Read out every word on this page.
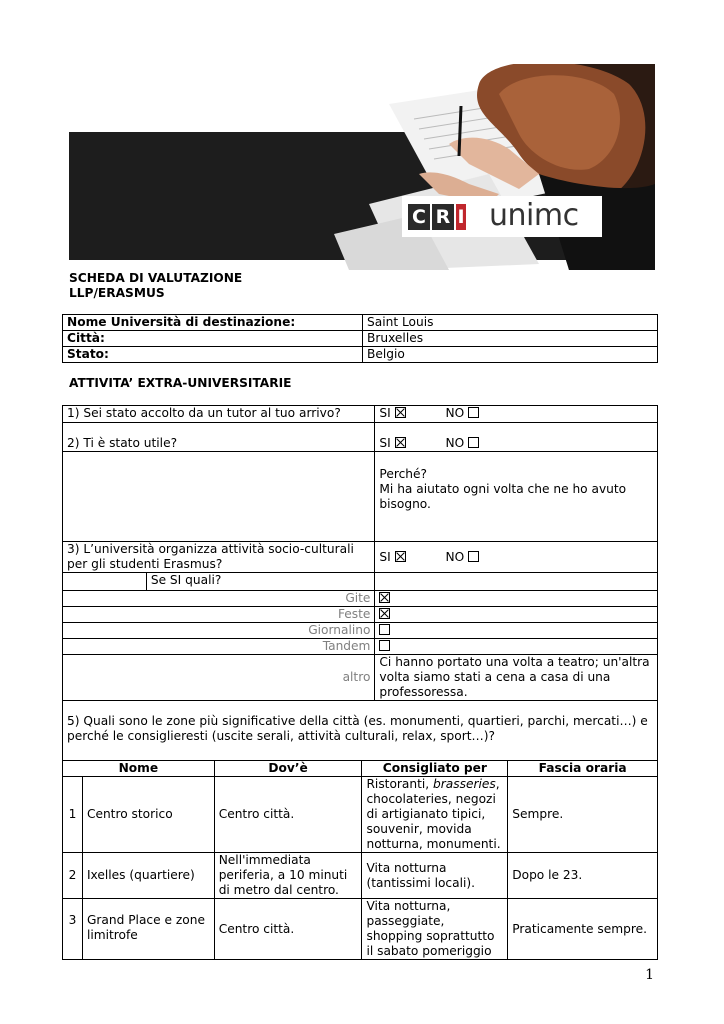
C R I unimc
SCHEDA DI VALUTAZIONE
LLP/ERASMUS
Nome Università di destinazione:	Saint Louis
Città:	Bruxelles
Stato:	Belgio
ATTIVITA’ EXTRA-UNIVERSITARIE
1) Sei stato accolto da un tutor al tuo arrivo?		SI NO
2) Ti è stato utile?		SI NO

		Perché?
Mi ha aiutato ogni volta che ne ho avuto bisogno.

3) L’università organizza attività socio-culturali per gli studenti Erasmus?		SI NO
	Se SI quali?	
Gite		
Feste		
Giornalino		
Tandem		
altro		Ci hanno portato una volta a teatro; un'altra volta siamo stati a cena a casa di una professoressa.
5) Quali sono le zone più significative della città (es. monumenti, quartieri, parchi, mercati…) e perché le consiglieresti (uscite serali, attività culturali, relax, sport…)?				
Nome		Dov’è	Consigliato per	Fascia oraria
1	Centro storico	Centro città.	Ristoranti, brasseries, chocolateries, negozi di artigianato tipici, souvenir, movida notturna, monumenti.	Sempre.
2	Ixelles (quartiere)	Nell'immediata periferia, a 10 minuti di metro dal centro.	Vita notturna (tantissimi locali).	Dopo le 23.
3	Grand Place e zone limitrofe	Centro città.	Vita notturna, passeggiate, shopping soprattutto il sabato pomeriggio	Praticamente sempre.
1
